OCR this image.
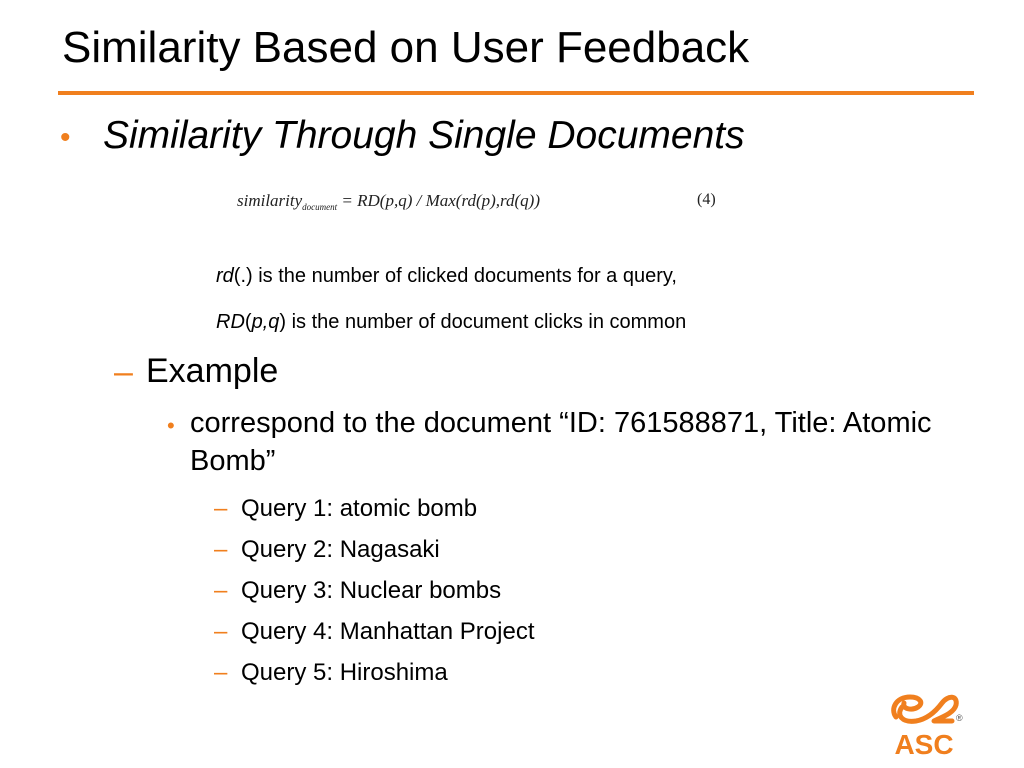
Similarity Based on User Feedback
• Similarity Through Single Documents
similarity$_{document}$ = RD(p,q) / Max(rd(p),rd(q))	(4)
rd(.) is the number of clicked documents for a query,
RD(p,q) is the number of document clicks in common
– Example
• correspond to the document “ID: 761588871, Title: Atomic Bomb”
– Query 1: atomic bomb
– Query 2: Nagasaki
– Query 3: Nuclear bombs
– Query 4: Manhattan Project
– Query 5: Hiroshima
®
ASC
